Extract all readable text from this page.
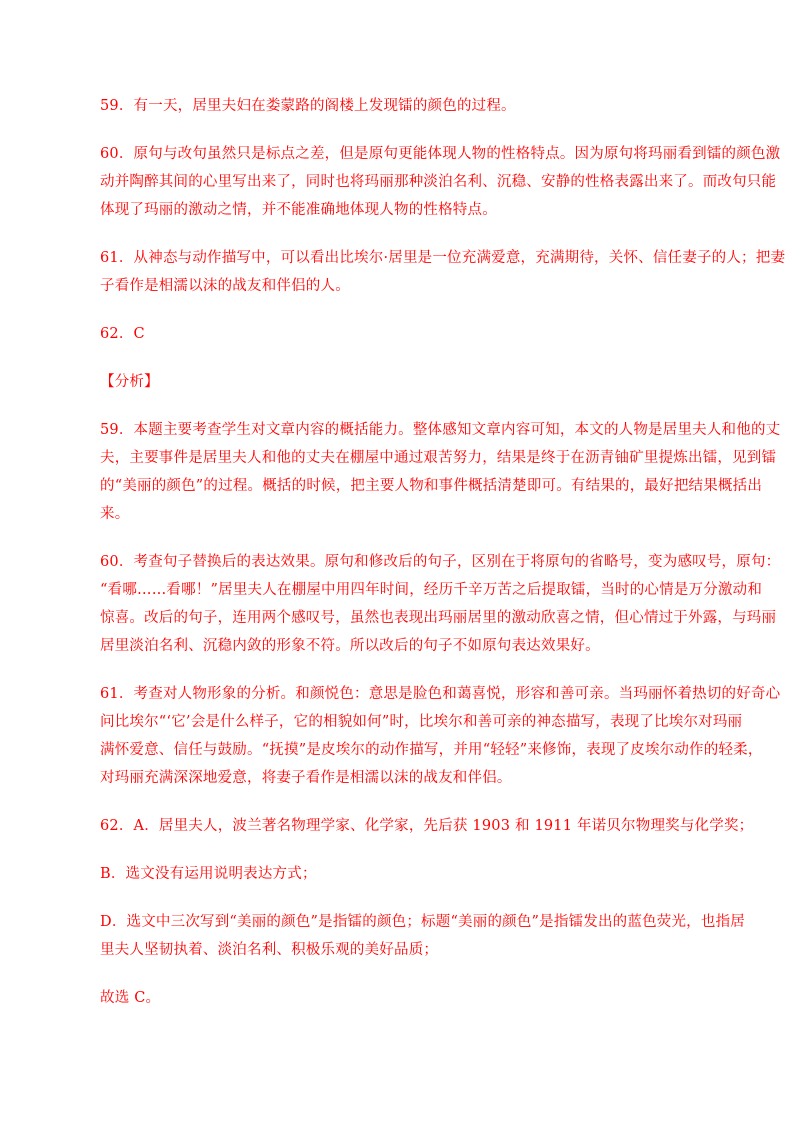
59．有一天，居里夫妇在娄蒙路的阁楼上发现镭的颜色的过程。

60．原句与改句虽然只是标点之差，但是原句更能体现人物的性格特点。因为原句将玛丽看到镭的颜色激
动并陶醉其间的心里写出来了，同时也将玛丽那种淡泊名利、沉稳、安静的性格表露出来了。而改句只能
体现了玛丽的激动之情，并不能准确地体现人物的性格特点。

61．从神态与动作描写中，可以看出比埃尔·居里是一位充满爱意，充满期待，关怀、信任妻子的人；把妻
子看作是相濡以沫的战友和伴侣的人。

62．C

【分析】

59．本题主要考查学生对文章内容的概括能力。整体感知文章内容可知，本文的人物是居里夫人和他的丈
夫，主要事件是居里夫人和他的丈夫在棚屋中通过艰苦努力，结果是终于在沥青铀矿里提炼出镭，见到镭
的“美丽的颜色”的过程。概括的时候，把主要人物和事件概括清楚即可。有结果的，最好把结果概括出
来。

60．考查句子替换后的表达效果。原句和修改后的句子，区别在于将原句的省略号，变为感叹号，原句：
“看哪……看哪！”居里夫人在棚屋中用四年时间，经历千辛万苦之后提取镭，当时的心情是万分激动和
惊喜。改后的句子，连用两个感叹号，虽然也表现出玛丽居里的激动欣喜之情，但心情过于外露，与玛丽
居里淡泊名利、沉稳内敛的形象不符。所以改后的句子不如原句表达效果好。

61．考查对人物形象的分析。和颜悦色：意思是脸色和蔼喜悦，形容和善可亲。当玛丽怀着热切的好奇心
问比埃尔“‘它’会是什么样子，它的相貌如何”时，比埃尔和善可亲的神态描写，表现了比埃尔对玛丽
满怀爱意、信任与鼓励。“抚摸”是皮埃尔的动作描写，并用“轻轻”来修饰，表现了皮埃尔动作的轻柔，
对玛丽充满深深地爱意，将妻子看作是相濡以沫的战友和伴侣。

62．A．居里夫人，波兰著名物理学家、化学家，先后获 1903 和 1911 年诺贝尔物理奖与化学奖；

B．选文没有运用说明表达方式；

D．选文中三次写到“美丽的颜色”是指镭的颜色；标题“美丽的颜色”是指镭发出的蓝色荧光，也指居
里夫人坚韧执着、淡泊名利、积极乐观的美好品质；

故选 C。
